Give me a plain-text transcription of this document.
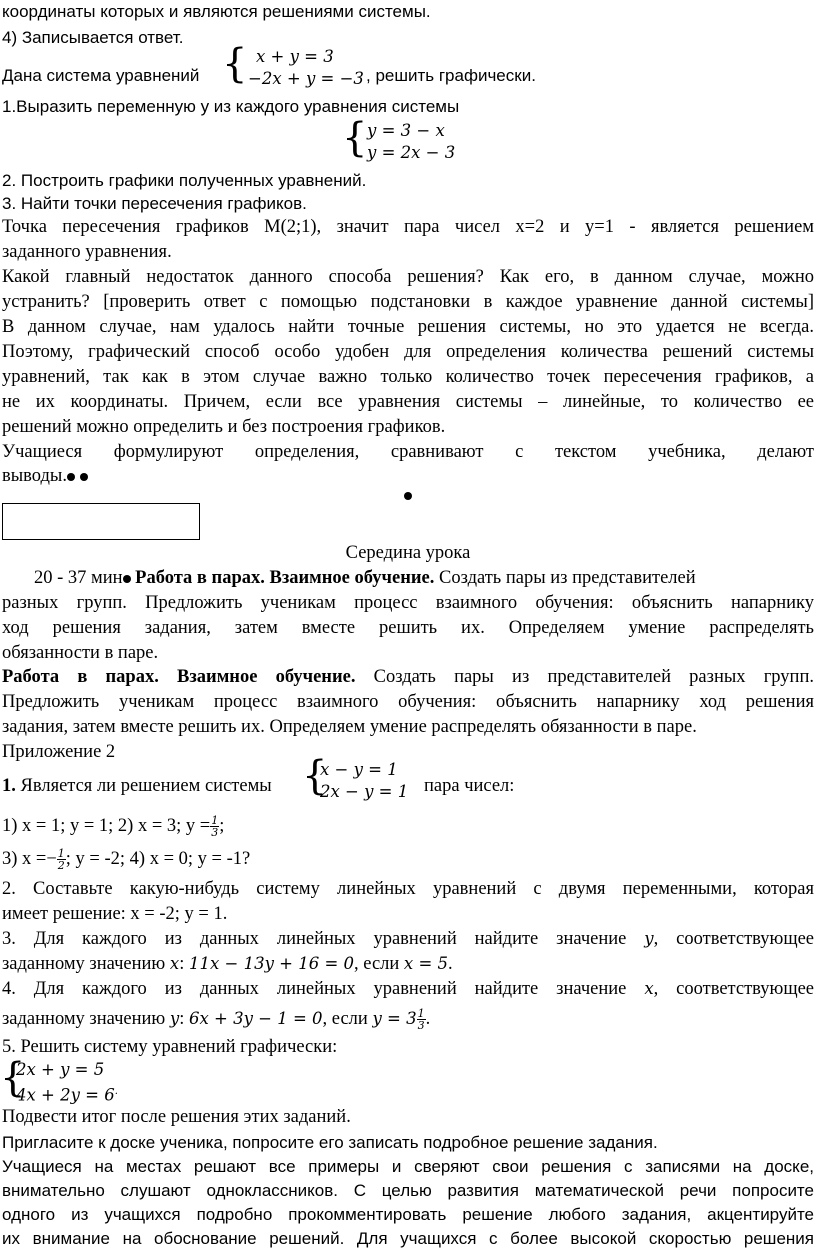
координаты которых и являются решениями системы.
4) Записывается ответ.
Дана система уравнений { x + y = 3
−2x + y = −3 , решить графически.
1.Выразить переменную у из каждого уравнения системы
{ y = 3 − x
y = 2x − 3
2. Построить графики полученных уравнений.
3. Найти точки пересечения графиков.
Точка пересечения графиков М(2;1), значит пара чисел х=2 и у=1 - является решением
заданного уравнения.
Какой главный недостаток данного способа решения? Как его, в данном случае, можно
устранить? [проверить ответ с помощью подстановки в каждое уравнение данной системы]
В данном случае, нам удалось найти точные решения системы, но это удается не всегда.
Поэтому, графический способ особо удобен для определения количества решений системы
уравнений, так как в этом случае важно только количество точек пересечения графиков, а
не их координаты. Причем, если все уравнения системы – линейные, то количество ее
решений можно определить и без построения графиков.
Учащиеся формулируют определения, сравнивают с текстом учебника, делают
выводы.
Середина урока
20 - 37 мин Работа в парах. Взаимное обучение. Создать пары из представителей
разных групп. Предложить ученикам процесс взаимного обучения: объяснить напарнику
ход решения задания, затем вместе решить их. Определяем умение распределять
обязанности в паре.
Работа в парах. Взаимное обучение. Создать пары из представителей разных групп.
Предложить ученикам процесс взаимного обучения: объяснить напарнику ход решения
задания, затем вместе решить их. Определяем умение распределять обязанности в паре.
Приложение 2
1. Является ли решением системы {
x − y = 1
2x − y = 1 пара чисел:
1) х = 1; у = 1; 2) х = 3; $у = \frac{1}{3}$ ;
3) $х =- \frac{1}{2}$ ; у = -2; 4) х = 0; у = -1?
2. Составьте какую-нибудь систему линейных уравнений с двумя переменными, которая
имеет решение: х = -2; у = 1.
3. Для каждого из данных линейных уравнений найдите значение y, соответствующее
заданному значению x: 11x − 13y + 16 = 0, если x = 5.
4. Для каждого из данных линейных уравнений найдите значение x, соответствующее
заданному значению y: 6x + 3y − 1 = 0, если $y = 3 \frac{1}{3}$ .
5. Решить систему уравнений графически:
{
2x + y = 5
4x + 2y = 6.
Подвести итог после решения этих заданий.
Пригласите к доске ученика, попросите его записать подробное решение задания.
Учащиеся на местах решают все примеры и сверяют свои решения с записями на доске,
внимательно слушают одноклассников. С целью развития математической речи попросите
одного из учащихся подробно прокомментировать решение любого задания, акцентируйте
их внимание на обоснование решений. Для учащихся с более высокой скоростью решения
